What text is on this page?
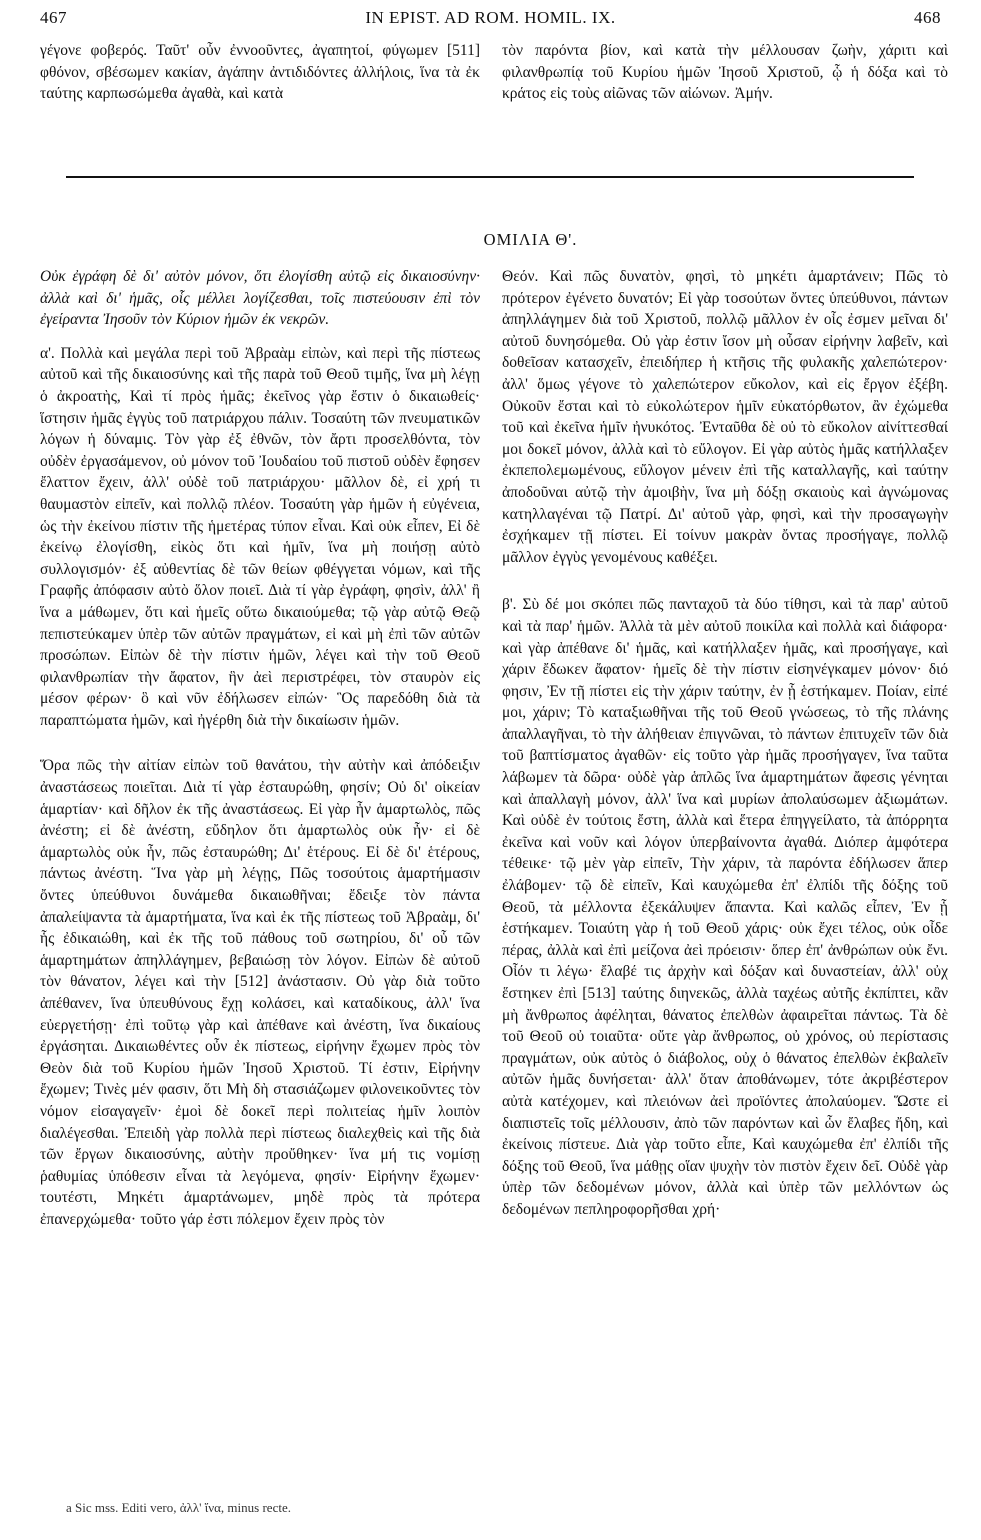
467	IN EPIST. AD ROM. HOMIL. IX.	468

γέγονε φοβερός. Ταῦτ' οὖν ἐννοοῦντες, ἀγαπητοί, φύγωμεν [511] φθόνον, σβέσωμεν κακίαν, ἀγάπην ἀντιδιδόντες ἀλλήλοις, ἵνα τὰ ἐκ ταύτης καρπωσώμεθα ἀγαθὰ, καὶ κατὰ

τὸν παρόντα βίον, καὶ κατὰ τὴν μέλλουσαν ζωὴν, χάριτι καὶ φιλανθρωπίᾳ τοῦ Κυρίου ἡμῶν Ἰησοῦ Χριστοῦ, ᾧ ἡ δόξα καὶ τὸ κράτος εἰς τοὺς αἰῶνας τῶν αἰώνων. Ἀμήν.

ΟΜΙΛΙΑ Θ'.

Οὐκ ἐγράφη δὲ δι' αὐτὸν μόνον, ὅτι ἐλογίσθη αὐτῷ εἰς δικαιοσύνην· ἀλλὰ καὶ δι' ἡμᾶς, οἷς μέλλει λογίζεσθαι, τοῖς πιστεύουσιν ἐπὶ τὸν ἐγείραντα Ἰησοῦν τὸν Κύριον ἡμῶν ἐκ νεκρῶν.

α'. Πολλὰ καὶ μεγάλα περὶ τοῦ Ἀβραὰμ εἰπὼν, καὶ περὶ τῆς πίστεως αὐτοῦ καὶ τῆς δικαιοσύνης καὶ τῆς παρὰ τοῦ Θεοῦ τιμῆς, ἵνα μὴ λέγῃ ὁ ἀκροατὴς, Καὶ τί πρὸς ἡμᾶς; ἐκεῖνος γὰρ ἔστιν ὁ δικαιωθείς· ἵστησιν ἡμᾶς ἐγγὺς τοῦ πατριάρχου πάλιν. Τοσαύτη τῶν πνευματικῶν λόγων ἡ δύναμις. Τὸν γὰρ ἐξ ἐθνῶν, τὸν ἄρτι προσελθόντα, τὸν οὐδὲν ἐργασάμενον, οὐ μόνον τοῦ Ἰουδαίου τοῦ πιστοῦ οὐδὲν ἔφησεν ἔλαττον ἔχειν, ἀλλ' οὐδὲ τοῦ πατριάρχου· μᾶλλον δὲ, εἰ χρή τι θαυμαστὸν εἰπεῖν, καὶ πολλῷ πλέον. Τοσαύτη γὰρ ἡμῶν ἡ εὐγένεια, ὡς τὴν ἐκείνου πίστιν τῆς ἡμετέρας τύπον εἶναι. Καὶ οὐκ εἶπεν, Εἰ δὲ ἐκείνῳ ἐλογίσθη, εἰκὸς ὅτι καὶ ἡμῖν, ἵνα μὴ ποιήσῃ αὐτὸ συλλογισμόν· ἐξ αὐθεντίας δὲ τῶν θείων φθέγγεται νόμων, καὶ τῆς Γραφῆς ἀπόφασιν αὐτὸ ὅλον ποιεῖ. Διὰ τί γὰρ ἐγράφη, φησὶν, ἀλλ' ἢ ἵνα a μάθωμεν, ὅτι καὶ ἡμεῖς οὕτω δικαιούμεθα; τῷ γὰρ αὐτῷ Θεῷ πεπιστεύκαμεν ὑπὲρ τῶν αὐτῶν πραγμάτων, εἰ καὶ μὴ ἐπὶ τῶν αὐτῶν προσώπων. Εἰπὼν δὲ τὴν πίστιν ἡμῶν, λέγει καὶ τὴν τοῦ Θεοῦ φιλανθρωπίαν τὴν ἄφατον, ἣν ἀεὶ περιστρέφει, τὸν σταυρὸν εἰς μέσον φέρων· ὃ καὶ νῦν ἐδήλωσεν εἰπών· Ὃς παρεδόθη διὰ τὰ παραπτώματα ἡμῶν, καὶ ἠγέρθη διὰ τὴν δικαίωσιν ἡμῶν.

Ὅρα πῶς τὴν αἰτίαν εἰπὼν τοῦ θανάτου, τὴν αὐτὴν καὶ ἀπόδειξιν ἀναστάσεως ποιεῖται. Διὰ τί γὰρ ἐσταυρώθη, φησίν; Οὐ δι' οἰκείαν ἁμαρτίαν· καὶ δῆλον ἐκ τῆς ἀναστάσεως. Εἰ γὰρ ἦν ἁμαρτωλὸς, πῶς ἀνέστη; εἰ δὲ ἀνέστη, εὔδηλον ὅτι ἁμαρτωλὸς οὐκ ἦν· εἰ δὲ ἁμαρτωλὸς οὐκ ἦν, πῶς ἐσταυρώθη; Δι' ἑτέρους. Εἰ δὲ δι' ἑτέρους, πάντως ἀνέστη. Ἵνα γὰρ μὴ λέγῃς, Πῶς τοσούτοις ἁμαρτήμασιν ὄντες ὑπεύθυνοι δυνάμεθα δικαιωθῆναι; ἔδειξε τὸν πάντα ἀπαλείψαντα τὰ ἁμαρτήματα, ἵνα καὶ ἐκ τῆς πίστεως τοῦ Ἀβραὰμ, δι' ἧς ἐδικαιώθη, καὶ ἐκ τῆς τοῦ πάθους τοῦ σωτηρίου, δι' οὗ τῶν ἁμαρτημάτων ἀπηλλάγημεν, βεβαιώσῃ τὸν λόγον. Εἰπὼν δὲ αὐτοῦ τὸν θάνατον, λέγει καὶ τὴν [512] ἀνάστασιν. Οὐ γὰρ διὰ τοῦτο ἀπέθανεν, ἵνα ὑπευθύνους ἔχῃ κολάσει, καὶ καταδίκους, ἀλλ' ἵνα εὐεργετήσῃ· ἐπὶ τοῦτῳ γὰρ καὶ ἀπέθανε καὶ ἀνέστη, ἵνα δικαίους ἐργάσηται. Δικαιωθέντες οὖν ἐκ πίστεως, εἰρήνην ἔχωμεν πρὸς τὸν Θεὸν διὰ τοῦ Κυρίου ἡμῶν Ἰησοῦ Χριστοῦ. Τί ἐστιν, Εἰρήνην ἔχωμεν; Τινὲς μέν φασιν, ὅτι Μὴ δὴ στασιάζωμεν φιλονεικοῦντες τὸν νόμον εἰσαγαγεῖν· ἐμοὶ δὲ δοκεῖ περὶ πολιτείας ἡμῖν λοιπὸν διαλέγεσθαι. Ἐπειδὴ γὰρ πολλὰ περὶ πίστεως διαλεχθεὶς καὶ τῆς διὰ τῶν ἔργων δικαιοσύνης, αὐτὴν προὔθηκεν· ἵνα μή τις νομίσῃ ῥαθυμίας ὑπόθεσιν εἶναι τὰ λεγόμενα, φησίν· Εἰρήνην ἔχωμεν· τουτέστι, Μηκέτι ἁμαρτάνωμεν, μηδὲ πρὸς τὰ πρότερα ἐπανερχώμεθα· τοῦτο γάρ ἐστι πόλεμον ἔχειν πρὸς τὸν

Θεόν. Καὶ πῶς δυνατὸν, φησὶ, τὸ μηκέτι ἁμαρτάνειν; Πῶς τὸ πρότερον ἐγένετο δυνατόν; Εἰ γὰρ τοσούτων ὄντες ὑπεύθυνοι, πάντων ἀπηλλάγημεν διὰ τοῦ Χριστοῦ, πολλῷ μᾶλλον ἐν οἷς ἐσμεν μεῖναι δι' αὐτοῦ δυνησόμεθα. Οὐ γὰρ ἐστιν ἴσον μὴ οὖσαν εἰρήνην λαβεῖν, καὶ δοθεῖσαν κατασχεῖν, ἐπειδήπερ ἡ κτῆσις τῆς φυλακῆς χαλεπώτερον· ἀλλ' ὅμως γέγονε τὸ χαλεπώτερον εὔκολον, καὶ εἰς ἔργον ἐξέβη. Οὐκοῦν ἔσται καὶ τὸ εὐκολώτερον ἡμῖν εὐκατόρθωτον, ἂν ἐχώμεθα τοῦ καὶ ἐκεῖνα ἡμῖν ἠνυκότος. Ἐνταῦθα δὲ οὐ τὸ εὔκολον αἰνίττεσθαί μοι δοκεῖ μόνον, ἀλλὰ καὶ τὸ εὔλογον. Εἰ γὰρ αὐτὸς ἡμᾶς κατήλλαξεν ἐκπεπολεμωμένους, εὔλογον μένειν ἐπὶ τῆς καταλλαγῆς, καὶ ταύτην ἀποδοῦναι αὐτῷ τὴν ἀμοιβὴν, ἵνα μὴ δόξῃ σκαιοὺς καὶ ἀγνώμονας κατηλλαγέναι τῷ Πατρί. Δι' αὐτοῦ γὰρ, φησὶ, καὶ τὴν προσαγωγὴν ἐσχήκαμεν τῇ πίστει. Εἰ τοίνυν μακρὰν ὄντας προσήγαγε, πολλῷ μᾶλλον ἐγγὺς γενομένους καθέξει.

β'. Σὺ δέ μοι σκόπει πῶς πανταχοῦ τὰ δύο τίθησι, καὶ τὰ παρ' αὐτοῦ καὶ τὰ παρ' ἡμῶν. Ἀλλὰ τὰ μὲν αὐτοῦ ποικίλα καὶ πολλὰ καὶ διάφορα· καὶ γὰρ ἀπέθανε δι' ἡμᾶς, καὶ κατήλλαξεν ἡμᾶς, καὶ προσήγαγε, καὶ χάριν ἔδωκεν ἄφατον· ἡμεῖς δὲ τὴν πίστιν εἰσηνέγκαμεν μόνον· διό φησιν, Ἐν τῇ πίστει εἰς τὴν χάριν ταύτην, ἐν ᾗ ἑστήκαμεν. Ποίαν, εἰπέ μοι, χάριν; Τὸ καταξιωθῆναι τῆς τοῦ Θεοῦ γνώσεως, τὸ τῆς πλάνης ἀπαλλαγῆναι, τὸ τὴν ἀλήθειαν ἐπιγνῶναι, τὸ πάντων ἐπιτυχεῖν τῶν διὰ τοῦ βαπτίσματος ἀγαθῶν· εἰς τοῦτο γὰρ ἡμᾶς προσήγαγεν, ἵνα ταῦτα λάβωμεν τὰ δῶρα· οὐδὲ γὰρ ἁπλῶς ἵνα ἁμαρτημάτων ἄφεσις γένηται καὶ ἀπαλλαγὴ μόνον, ἀλλ' ἵνα καὶ μυρίων ἀπολαύσωμεν ἀξιωμάτων. Καὶ οὐδὲ ἐν τούτοις ἔστη, ἀλλὰ καὶ ἕτερα ἐπηγγείλατο, τὰ ἀπόρρητα ἐκεῖνα καὶ νοῦν καὶ λόγον ὑπερβαίνοντα ἀγαθά. Διόπερ ἀμφότερα τέθεικε· τῷ μὲν γὰρ εἰπεῖν, Τὴν χάριν, τὰ παρόντα ἐδήλωσεν ἅπερ ἐλάβομεν· τῷ δὲ εἰπεῖν, Καὶ καυχώμεθα ἐπ' ἐλπίδι τῆς δόξης τοῦ Θεοῦ, τὰ μέλλοντα ἐξεκάλυψεν ἅπαντα. Καὶ καλῶς εἶπεν, Ἐν ᾗ ἑστήκαμεν. Τοιαύτη γὰρ ἡ τοῦ Θεοῦ χάρις· οὐκ ἔχει τέλος, οὐκ οἶδε πέρας, ἀλλὰ καὶ ἐπὶ μείζονα ἀεὶ πρόεισιν· ὅπερ ἐπ' ἀνθρώπων οὐκ ἔνι. Οἷόν τι λέγω· ἔλαβέ τις ἀρχὴν καὶ δόξαν καὶ δυναστείαν, ἀλλ' οὐχ ἕστηκεν ἐπὶ [513] ταύτης διηνεκῶς, ἀλλὰ ταχέως αὐτῆς ἐκπίπτει, κἂν μὴ ἄνθρωπος ἀφέληται, θάνατος ἐπελθὼν ἀφαιρεῖται πάντως. Τὰ δὲ τοῦ Θεοῦ οὐ τοιαῦτα· οὔτε γὰρ ἄνθρωπος, οὐ χρόνος, οὐ περίστασις πραγμάτων, οὐκ αὐτὸς ὁ διάβολος, οὐχ ὁ θάνατος ἐπελθὼν ἐκβαλεῖν αὐτῶν ἡμᾶς δυνήσεται· ἀλλ' ὅταν ἀποθάνωμεν, τότε ἀκριβέστερον αὐτὰ κατέχομεν, καὶ πλειόνων ἀεὶ προϊόντες ἀπολαύομεν. Ὥστε εἰ διαπιστεῖς τοῖς μέλλουσιν, ἀπὸ τῶν παρόντων καὶ ὧν ἔλαβες ἤδη, καὶ ἐκείνοις πίστευε. Διὰ γὰρ τοῦτο εἶπε, Καὶ καυχώμεθα ἐπ' ἐλπίδι τῆς δόξης τοῦ Θεοῦ, ἵνα μάθῃς οἵαν ψυχὴν τὸν πιστὸν ἔχειν δεῖ. Οὐδὲ γὰρ ὑπὲρ τῶν δεδομένων μόνον, ἀλλὰ καὶ ὑπὲρ τῶν μελλόντων ὡς δεδομένων πεπληροφορῆσθαι χρή·

a Sic mss. Editi vero, ἀλλ' ἵνα, minus recte.
